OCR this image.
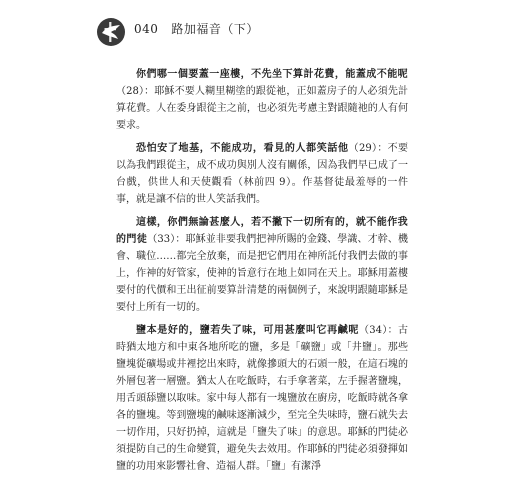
040 路加福音（下）

你們哪一個要蓋一座樓，不先坐下算計花費，能蓋成不能呢（28）：耶穌不要人糊里糊塗的跟從祂，正如蓋房子的人必須先計算花費。人在委身跟從主之前，也必須先考慮主對跟隨祂的人有何要求。

恐怕安了地基，不能成功，看見的人都笑話他（29）：不要以為我們跟從主，成不成功與別人沒有關係，因為我們早已成了一台戲，供世人和天使觀看（林前四 9）。作基督徒最羞辱的一件事，就是讓不信的世人笑話我們。

這樣，你們無論甚麼人，若不撇下一切所有的，就不能作我的門徒（33）：耶穌並非要我們把神所賜的金錢、學識、才幹、機會、職位……都完全放棄，而是把它們用在神所託付我們去做的事上，作神的好管家，使神的旨意行在地上如同在天上。耶穌用蓋樓要付的代價和王出征前要算計清楚的兩個例子，來說明跟隨耶穌是要付上所有一切的。

鹽本是好的，鹽若失了味，可用甚麼叫它再鹹呢（34）：古時猶太地方和中東各地所吃的鹽，多是「礦鹽」或「井鹽」。那些鹽塊從礦場或井裡挖出來時，就像摻頭大的石頭一般，在這石塊的外層包著一層鹽。猶太人在吃飯時，右手拿著菜，左手握著鹽塊，用舌頭舔鹽以取味。家中每人都有一塊鹽放在廚房，吃飯時就各拿各的鹽塊。等到鹽塊的鹹味逐漸減少，至完全失味時，鹽石就失去一切作用，只好扔掉，這就是「鹽失了味」的意思。耶穌的門徒必須提防自己的生命變質，避免失去效用。作耶穌的門徒必須發揮如鹽的功用來影響社會、造福人群。「鹽」有潔淨
